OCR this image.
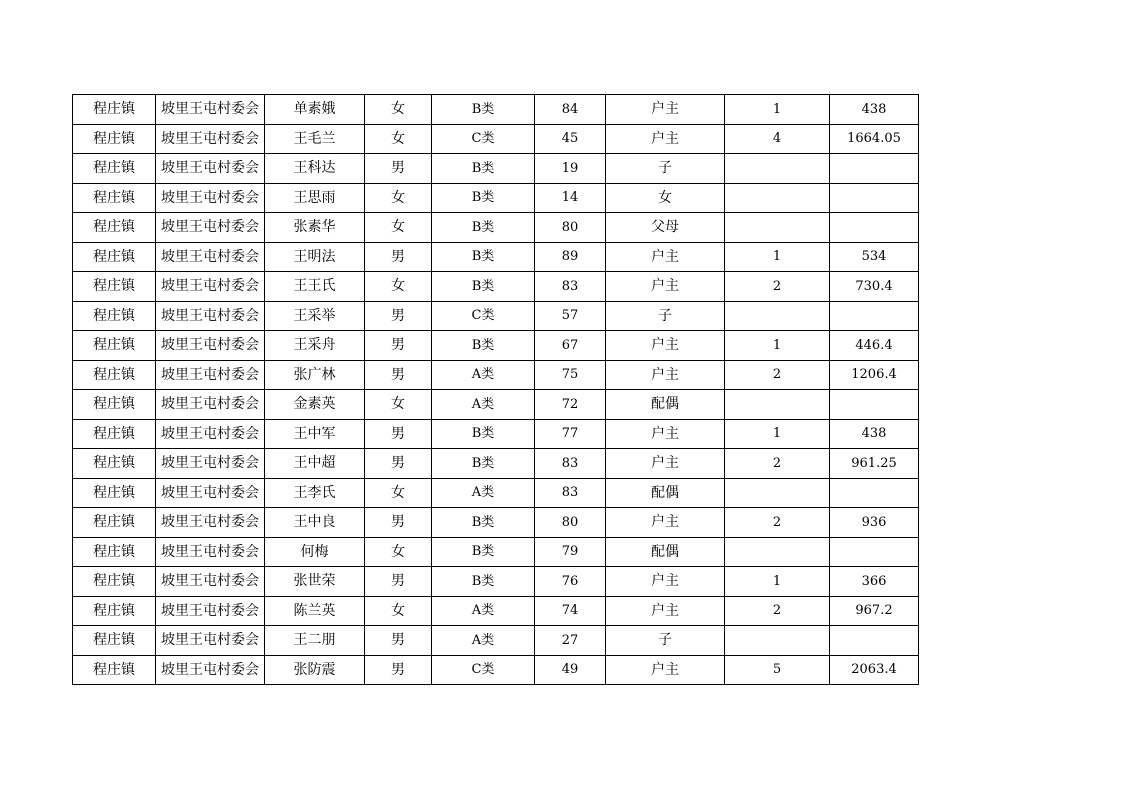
程庄镇	坡里王屯村委会	单素娥	女	B类	84	户主	1	438
程庄镇	坡里王屯村委会	王毛兰	女	C类	45	户主	4	1664.05
程庄镇	坡里王屯村委会	王科达	男	B类	19	子		
程庄镇	坡里王屯村委会	王思雨	女	B类	14	女		
程庄镇	坡里王屯村委会	张素华	女	B类	80	父母		
程庄镇	坡里王屯村委会	王明法	男	B类	89	户主	1	534
程庄镇	坡里王屯村委会	王王氏	女	B类	83	户主	2	730.4
程庄镇	坡里王屯村委会	王采举	男	C类	57	子		
程庄镇	坡里王屯村委会	王采舟	男	B类	67	户主	1	446.4
程庄镇	坡里王屯村委会	张广林	男	A类	75	户主	2	1206.4
程庄镇	坡里王屯村委会	金素英	女	A类	72	配偶		
程庄镇	坡里王屯村委会	王中军	男	B类	77	户主	1	438
程庄镇	坡里王屯村委会	王中超	男	B类	83	户主	2	961.25
程庄镇	坡里王屯村委会	王李氏	女	A类	83	配偶		
程庄镇	坡里王屯村委会	王中良	男	B类	80	户主	2	936
程庄镇	坡里王屯村委会	何梅	女	B类	79	配偶		
程庄镇	坡里王屯村委会	张世荣	男	B类	76	户主	1	366
程庄镇	坡里王屯村委会	陈兰英	女	A类	74	户主	2	967.2
程庄镇	坡里王屯村委会	王二朋	男	A类	27	子		
程庄镇	坡里王屯村委会	张防震	男	C类	49	户主	5	2063.4
